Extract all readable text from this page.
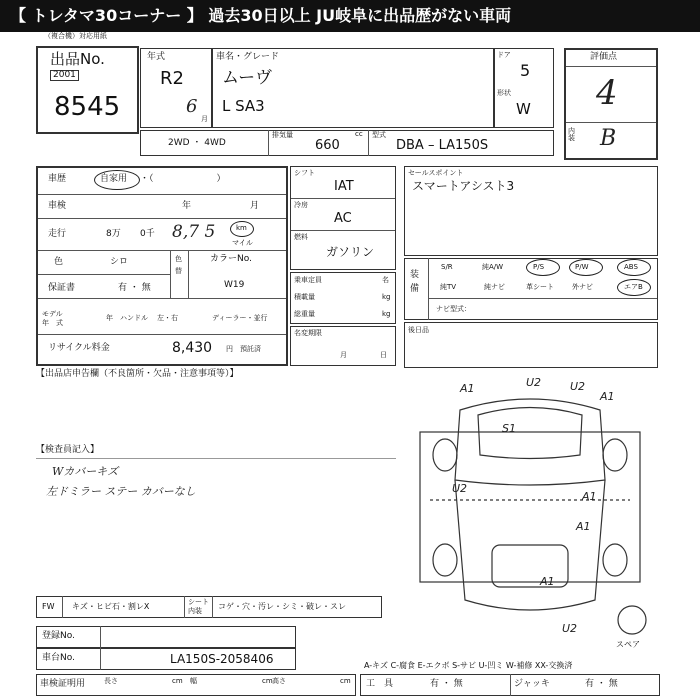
【 トレタマ30コーナー 】 過去30日以上 JU岐阜に出品歴がない車両
（複合機）対応用紙
出品No.
2001
8545
年式
R2
6
月
車名・グレード
ムーヴ
L SA3
ドア
5
形状
W
評価点
4
内装 B
2WD ・ 4WD
排気量
660
cc 型式
DBA – LA150S
車歴	自家用 ・（　　　　　　　）
車検	年	月
走行	8万 0千 8,7 5	km
マイル
色	シロ	色
替
カラーNo.
W19
保証書	有 ・ 無
モデル
年　式
年 ハンドル 左・右	ディーラー・並行
リサイクル料金	8,430 円 預託済
シフト
IAT
冷房
AC
燃料
ガソリン
乗車定員	名
積載量	kg
総重量	kg
名変期限
月	日
セールスポイント
スマートアシスト3
装備
S/R	純A/W	P/S	P/W	ABS
純TV	純ナビ	革シート	外ナビ	エアB
ナビ型式：
後日品
【出品店申告欄（不良箇所・欠品・注意事項等）】
【検査員記入】
Wカバーキズ
左ドミラー ステー カバーなし
A1	U2	U2
A1
S1
U2
A1
A1
A1
U2
スペア
FW キズ・ヒビ石・割レX	シート内装	コゲ・穴・汚レ・シミ・破レ・スレ
登録No.
車台No.	LA150S-2058406	A-キズ C-腐食 E-エクボ S-サビ U-凹ミ W-補修 XX-交換済
車検証明用	長さ	cm 幅	cm 高さ	cm 工　具	有 ・ 無	ジャッキ	有 ・ 無
